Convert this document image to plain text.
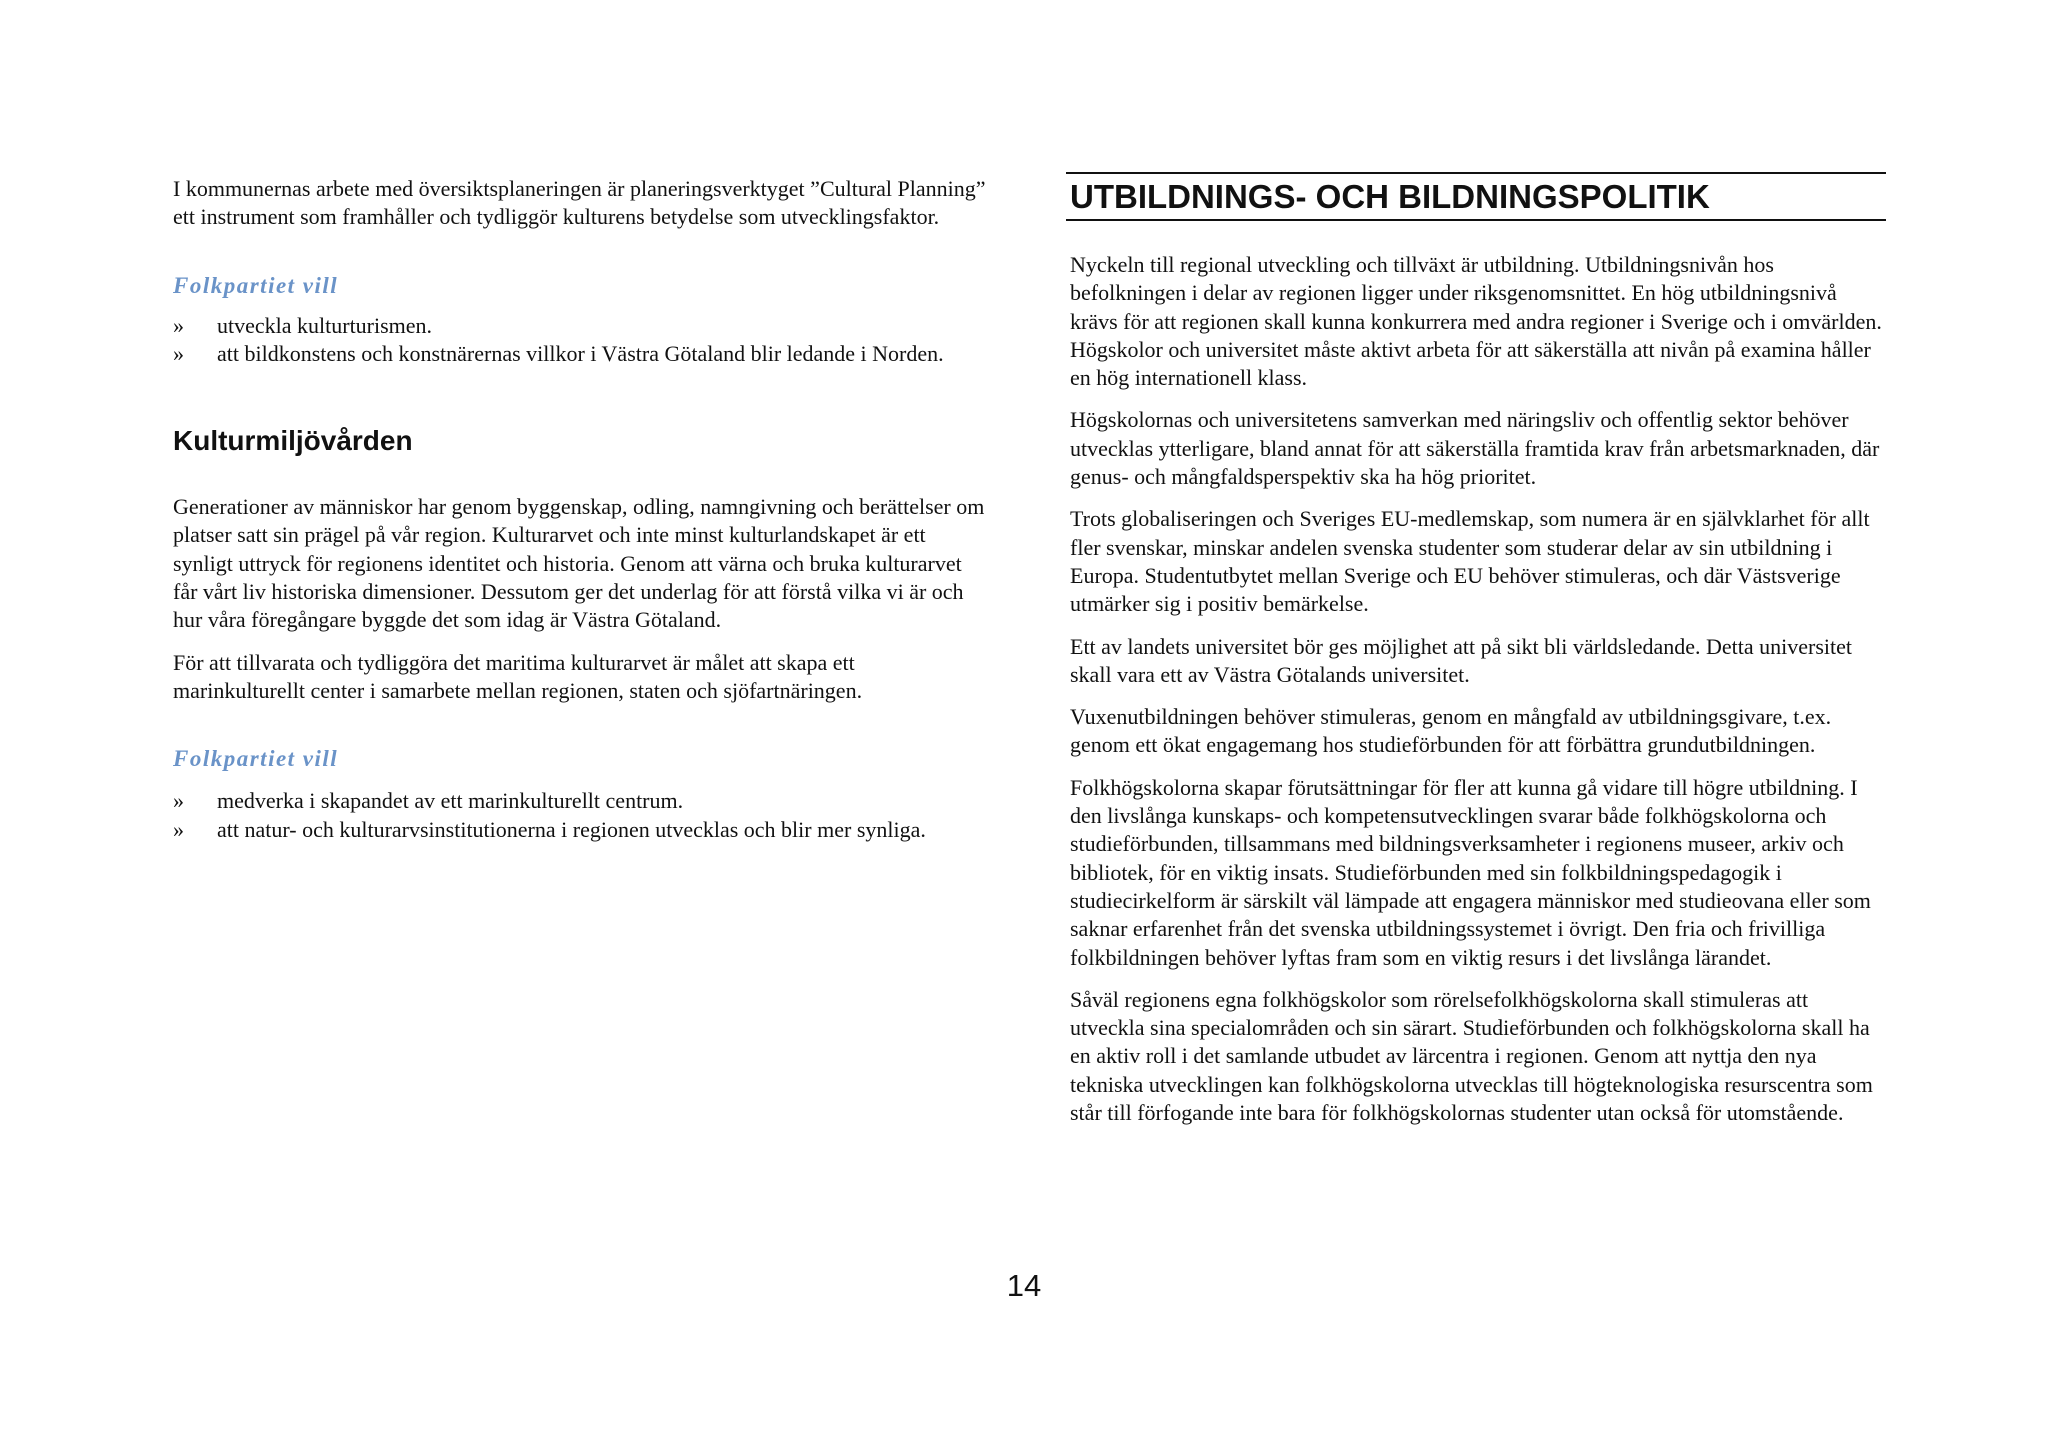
I kommunernas arbete med översiktsplaneringen är planeringsverktyget ”Cultural Planning” ett instrument som framhåller och tydliggör kulturens betydelse som utvecklingsfaktor.

Folkpartiet vill
» utveckla kulturturismen.
» att bildkonstens och konstnärernas villkor i Västra Götaland blir ledande i Norden.
Kulturmiljövården

Generationer av människor har genom byggenskap, odling, namngivning och berättelser om platser satt sin prägel på vår region. Kulturarvet och inte minst kulturlandskapet är ett synligt uttryck för regionens identitet och historia. Genom att värna och bruka kulturarvet får vårt liv historiska dimensioner. Dessutom ger det underlag för att förstå vilka vi är och hur våra föregångare byggde det som idag är Västra Götaland.

För att tillvarata och tydliggöra det maritima kulturarvet är målet att skapa ett marinkulturellt center i samarbete mellan regionen, staten och sjöfartnäringen.

Folkpartiet vill
» medverka i skapandet av ett marinkulturellt centrum.
» att natur- och kulturarvsinstitutionerna i regionen utvecklas och blir mer synliga.
UTBILDNINGS- OCH BILDNINGSPOLITIK

Nyckeln till regional utveckling och tillväxt är utbildning. Utbildningsnivån hos befolkningen i delar av regionen ligger under riksgenomsnittet. En hög utbildningsnivå krävs för att regionen skall kunna konkurrera med andra regioner i Sverige och i omvärlden. Högskolor och universitet måste aktivt arbeta för att säkerställa att nivån på examina håller en hög internationell klass.

Högskolornas och universitetens samverkan med näringsliv och offentlig sektor behöver utvecklas ytterligare, bland annat för att säkerställa framtida krav från arbetsmarknaden, där genus- och mångfaldsperspektiv ska ha hög prioritet.

Trots globaliseringen och Sveriges EU-medlemskap, som numera är en självklarhet för allt fler svenskar, minskar andelen svenska studenter som studerar delar av sin utbildning i Europa. Studentutbytet mellan Sverige och EU behöver stimuleras, och där Västsverige utmärker sig i positiv bemärkelse.

Ett av landets universitet bör ges möjlighet att på sikt bli världsledande. Detta universitet skall vara ett av Västra Götalands universitet.

Vuxenutbildningen behöver stimuleras, genom en mångfald av utbildningsgivare, t.ex. genom ett ökat engagemang hos studieförbunden för att förbättra grundutbildningen.

Folkhögskolorna skapar förutsättningar för fler att kunna gå vidare till högre utbildning. I den livslånga kunskaps- och kompetensutvecklingen svarar både folkhögskolorna och studieförbunden, tillsammans med bildningsverksamheter i regionens museer, arkiv och bibliotek, för en viktig insats. Studieförbunden med sin folkbildningspedagogik i studiecirkelform är särskilt väl lämpade att engagera människor med studieovana eller som saknar erfarenhet från det svenska utbildningssystemet i övrigt. Den fria och frivilliga folkbildningen behöver lyftas fram som en viktig resurs i det livslånga lärandet.

Såväl regionens egna folkhögskolor som rörelsefolkhögskolorna skall stimuleras att utveckla sina specialområden och sin särart. Studieförbunden och folkhögskolorna skall ha en aktiv roll i det samlande utbudet av lärcentra i regionen. Genom att nyttja den nya tekniska utvecklingen kan folkhögskolorna utvecklas till högteknologiska resurscentra som står till förfogande inte bara för folkhögskolornas studenter utan också för utomstående.

14
